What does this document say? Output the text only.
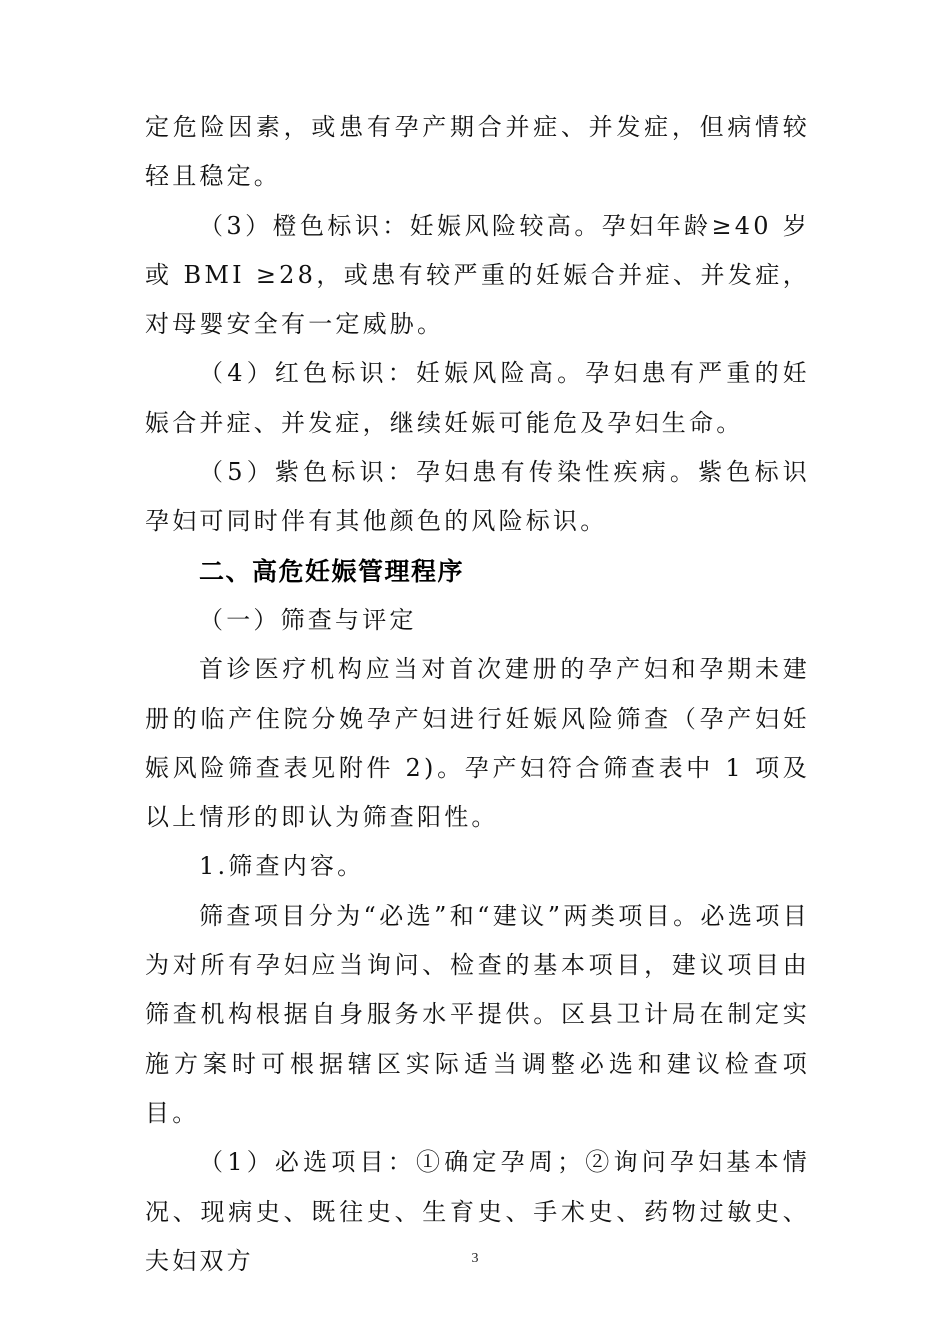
定危险因素，或患有孕产期合并症、并发症，但病情较轻且稳定。

（3）橙色标识：妊娠风险较高。孕妇年龄≥40 岁或 BMI ≥28，或患有较严重的妊娠合并症、并发症，对母婴安全有一定威胁。

（4）红色标识：妊娠风险高。孕妇患有严重的妊娠合并症、并发症，继续妊娠可能危及孕妇生命。

（5）紫色标识：孕妇患有传染性疾病。紫色标识孕妇可同时伴有其他颜色的风险标识。

二、高危妊娠管理程序

（一）筛查与评定

首诊医疗机构应当对首次建册的孕产妇和孕期未建册的临产住院分娩孕产妇进行妊娠风险筛查（孕产妇妊娠风险筛查表见附件 2)。孕产妇符合筛查表中 1 项及以上情形的即认为筛查阳性。

1.筛查内容。

筛查项目分为“必选”和“建议”两类项目。必选项目为对所有孕妇应当询问、检查的基本项目，建议项目由筛查机构根据自身服务水平提供。区县卫计局在制定实施方案时可根据辖区实际适当调整必选和建议检查项目。

（1）必选项目：①确定孕周；②询问孕妇基本情况、现病史、既往史、生育史、手术史、药物过敏史、夫妇双方	3
